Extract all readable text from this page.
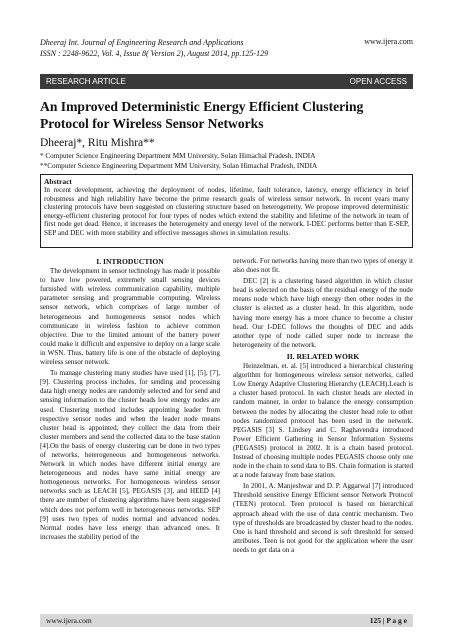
Dheeraj Int. Journal of Engineering Research and Applications
ISSN : 2248-9622, Vol. 4, Issue 8( Version 2), August 2014, pp.125-129
www.ijera.com
RESEARCH ARTICLE	OPEN ACCESS
An Improved Deterministic Energy Efficient Clustering Protocol for Wireless Sensor Networks
Dheeraj*, Ritu Mishra**
* Computer Science Engineering Department MM University, Solan Himachal Pradesh, INDIA
**Computer Science Engineering Department MM University, Solan Himachal Pradesh, INDIA
Abstract
In recent development, achieving the deployment of nodes, lifetime, fault tolerance, latency, energy efficiency in brief robustness and high reliability have become the prime research goals of wireless sensor network. In recent years many clustering protocols have been suggested on clustering structure based on heterogeneity. We propose improved deterministic energy-efficient clustering protocol for four types of nodes which extend the stability and lifetime of the network in team of first node get dead. Hence, it increases the heterogeneity and energy level of the network. I-DEC performs better than E-SEP, SEP and DEC with more stability and effective messages shows in simulation results.
I. INTRODUCTION

The development in sensor technology has made it possible to have low powered, extremely small sensing devices furnished with wireless communication capability, multiple parameter sensing and programmable computing. Wireless sensor network, which comprises of large number of heterogeneous and homogeneous sensor nodes which communicate in wireless fashion to achieve common objective. Due to the limited amount of the battery power could make it difficult and expensive to deploy on a large scale in WSN. Thus, battery life is one of the obstacle of deploying wireless sensor network.

To manage clustering many studies have used [1], [5], [7], [9]. Clustering process includes, for sending and processing data high energy nodes are randomly selected and for send and sensing information to the cluster heads low energy nodes are used. Clustering method includes appointing leader from respective sensor nodes and when the leader node means cluster head is appointed, they collect the data from their cluster members and send the collected data to the base station [4].On the basis of energy clustering can be done in two types of networks, heterogeneous and homogeneous networks. Network in which nodes have different initial energy are heterogeneous and nodes have same initial energy are homogeneous networks. For homogeneous wireless sensor networks such as LEACH [5], PEGASIS [3], and HEED [4] there are number of clustering algorithms have been suggested which does not perform well in heterogeneous networks. SEP [9] uses two types of nodes normal and advanced nodes. Normal nodes have less energy than advanced ones. It increases the stability period of the

network. For networks having more than two types of energy it also does not fit.

DEC [2] is a clustering based algorithm in which cluster head is selected on the basis of the residual energy of the node means node which have high energy then other nodes in the cluster is elected as a cluster head. In this algorithm, node having more energy has a more chance to become a cluster head. Our I-DEC follows the thoughts of DEC and adds another type of node called super node to increase the heterogeneity of the network.

II. RELATED WORK

Heinzelman, et. al. [5] introduced a hierarchical clustering algorithm for homogeneous wireless sensor networks, called Low Energy Adaptive Clustering Hierarchy (LEACH).Leach is a cluster based protocol. In each cluster heads are elected in random manner, in order to balance the energy consumption between the nodes by allocating the cluster head role to other nodes randomized protocol has been used in the network. PEGASIS [3] S. Lindsey and C. Raghavendra introduced Power Efficient Gathering in Sensor Information Systems (PEGASIS) protocol in 2002. It is a chain based protocol. Instead of choosing multiple nodes PEGASIS choose only one node in the chain to send data to BS. Chain formation is started at a node faraway from base station.

In 2001, A. Manjeshwar and D. P. Aggarwal [7] introduced Threshold sensitive Energy Efficient sensor Network Protocol (TEEN) protocol. Teen protocol is based on hierarchical approach ahead with the use of data centric mechanism. Two type of thresholds are broadcasted by cluster head to the nodes. One is hard threshold and second is soft threshold for sensed attributes. Teen is not good for the application where the user needs to get data on a

www.ijera.com	125 | P a g e
